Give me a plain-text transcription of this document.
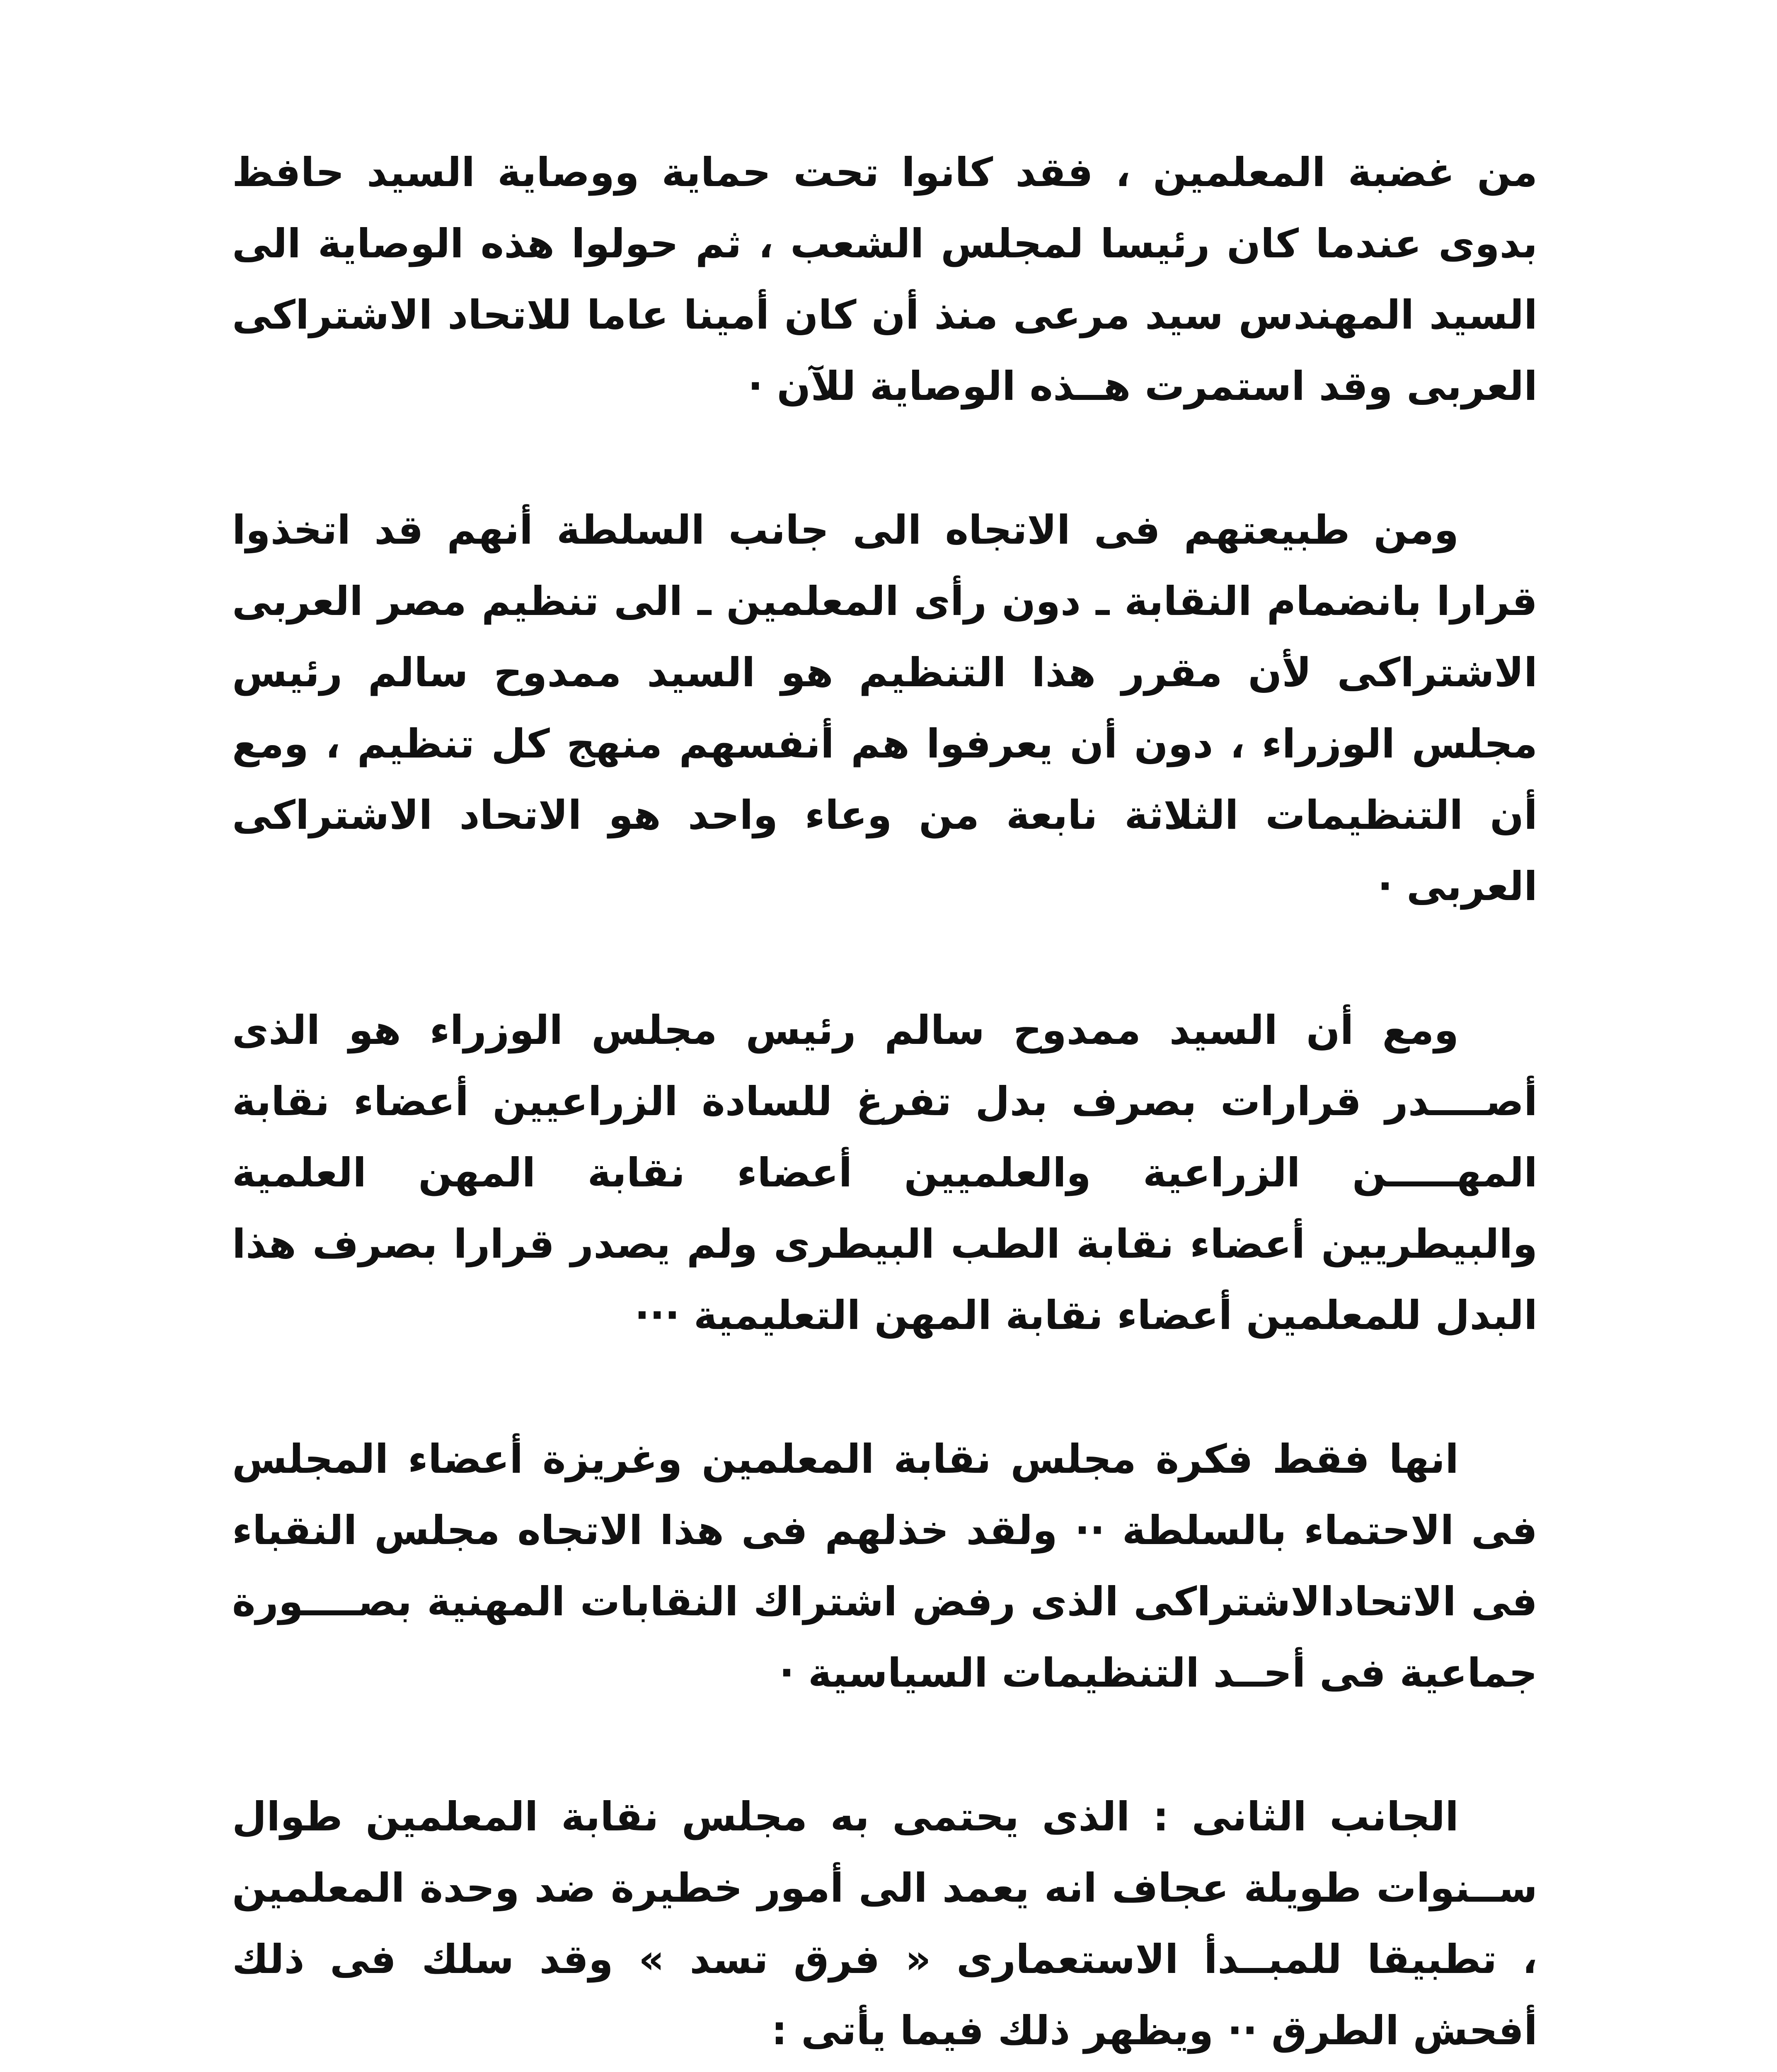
من غضبة المعلمين ، فقد كانوا تحت حماية ووصاية السيد حافظ بدوى عندما كان رئيسا لمجلس الشعب ، ثم حولوا هذه الوصاية الى السيد المهندس سيد مرعى منذ أن كان أمينا عاما للاتحاد الاشتراكى العربى وقد استمرت هــذه الوصاية للآن ·

ومن طبيعتهم فى الاتجاه الى جانب السلطة أنهم قد اتخذوا قرارا بانضمام النقابة ـ دون رأى المعلمين ـ الى تنظيم مصر العربى الاشتراكى لأن مقرر هذا التنظيم هو السيد ممدوح سالم رئيس مجلس الوزراء ، دون أن يعرفوا هم أنفسهم منهج كل تنظيم ، ومع أن التنظيمات الثلاثة نابعة من وعاء واحد هو الاتحاد الاشتراكى العربى ·

ومع أن السيد ممدوح سالم رئيس مجلس الوزراء هو الذى أصــــدر قرارات بصرف بدل تفرغ للسادة الزراعيين أعضاء نقابة المهـــــن الزراعية والعلميين أعضاء نقابة المهن العلمية والبيطريين أعضاء نقابة الطب البيطرى ولم يصدر قرارا بصرف هذا البدل للمعلمين أعضاء نقابة المهن التعليمية ···

انها فقط فكرة مجلس نقابة المعلمين وغريزة أعضاء المجلس فى الاحتماء بالسلطة ·· ولقد خذلهم فى هذا الاتجاه مجلس النقباء فى الاتحادالاشتراكى الذى رفض اشتراك النقابات المهنية بصــــورة جماعية فى أحــد التنظيمات السياسية ·

الجانب الثانى : الذى يحتمى به مجلس نقابة المعلمين طوال ســنوات طويلة عجاف انه يعمد الى أمور خطيرة ضد وحدة المعلمين ، تطبيقا للمبــدأ الاستعمارى « فرق تسد » وقد سلك فى ذلك أفحش الطرق ·· ويظهر ذلك فيما يأتى :
